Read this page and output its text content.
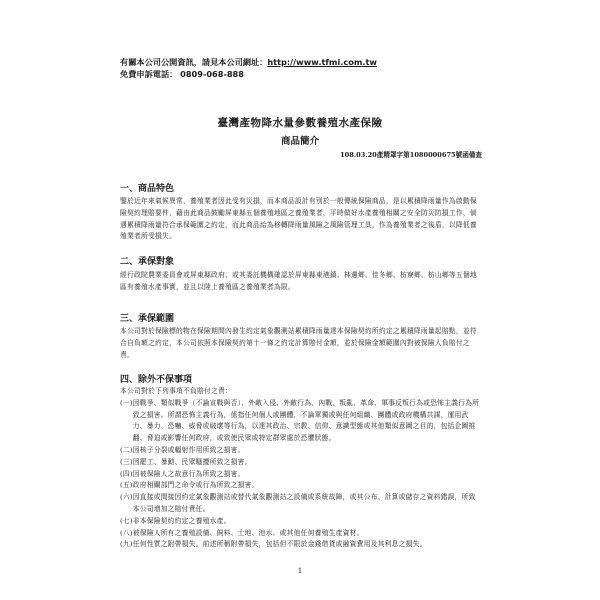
有關本公司公開資訊，請見本公司網址：http://www.tfmi.com.tw
免費申訴電話： 0809-068-888
臺灣產物降水量參數養殖水產保險
商品簡介
108.03.20產精罩字第1080000675號函備查
一、商品特色
鑒於近年來氣候異常，養殖業者因此受有災損，而本商品設計有別於一般傳統保險商品，是以累積降雨量作為啟動保險契約理賠要件，藉由此商品鼓勵屏東縣五個養殖地區之養殖業者，平時做好水產養殖相關之安全防災防損工作，倘遇累積降雨量符合承保範圍之約定，而此商品給為移轉降雨量風險之風險管理工具，作為養殖業者之後盾，以降低養殖業者所受損失。
二、承保對象
經行政院農業委員會或屏東縣政府、或其委託機構確認於屏東縣東港鎮、林邊鄉、佳冬鄉、枋寮鄉、枋山鄉等五個地區有養殖水產事實，並且以陸上養殖區之養殖業者為限。
三、承保範圍
本公司對於保險標的物在保險期間內發生約定氣象觀測站累積降雨量達本保險契約所約定之累積降雨量起賠點，並符合自負額之約定，本公司依照本保險契約第十一條之約定計算賠付金額，並於保險金額範圍內對被保險人負賠付之責。
四、除外不保事項
本公司對於下列事項不負賠付之責：
(一) 因戰爭、類似戰爭（不論宣戰與否）、外敵入侵、外敵行為、內戰、叛亂、革命、軍事反叛行為或恐怖主義行為所致之損害。所謂恐怖主義行為，係指任何個人或團體，不論單獨或與任何組織、團體或政府機構共謀，運用武力、暴力、恐嚇、威脅或破壞等行為，以達其政治、宗教、信仰、意識型態或其他類似意圖之目的，包括企圖推翻、脅迫或影響任何政府，或致使民眾或特定群眾處於恐懼狀態。
(二) 因核子分裂或輻射作用所致之損害。
(三) 因罷工、暴動、民眾騷擾所致之損害。
(四) 因被保險人之故意行為所致之損害。
(五) 政府相關部門之命令或行為所致之損害。
(六) 因直接或間接因約定氣象觀測站或替代氣象觀測站之設備或系統故障，或其公布、計算或儲存之資料錯誤，所致本公司增加之賠付責任。
(七) 非本保險契約約定之養殖水產。
(八) 被保險人所有之養殖設備、飼料、土地、池水、或其他任何養殖生產資材。
(九) 任何性質之附帶損失。前述所稱附帶損失，包括但不限於金錢借貸或融資費用及其利息之損失。
1
